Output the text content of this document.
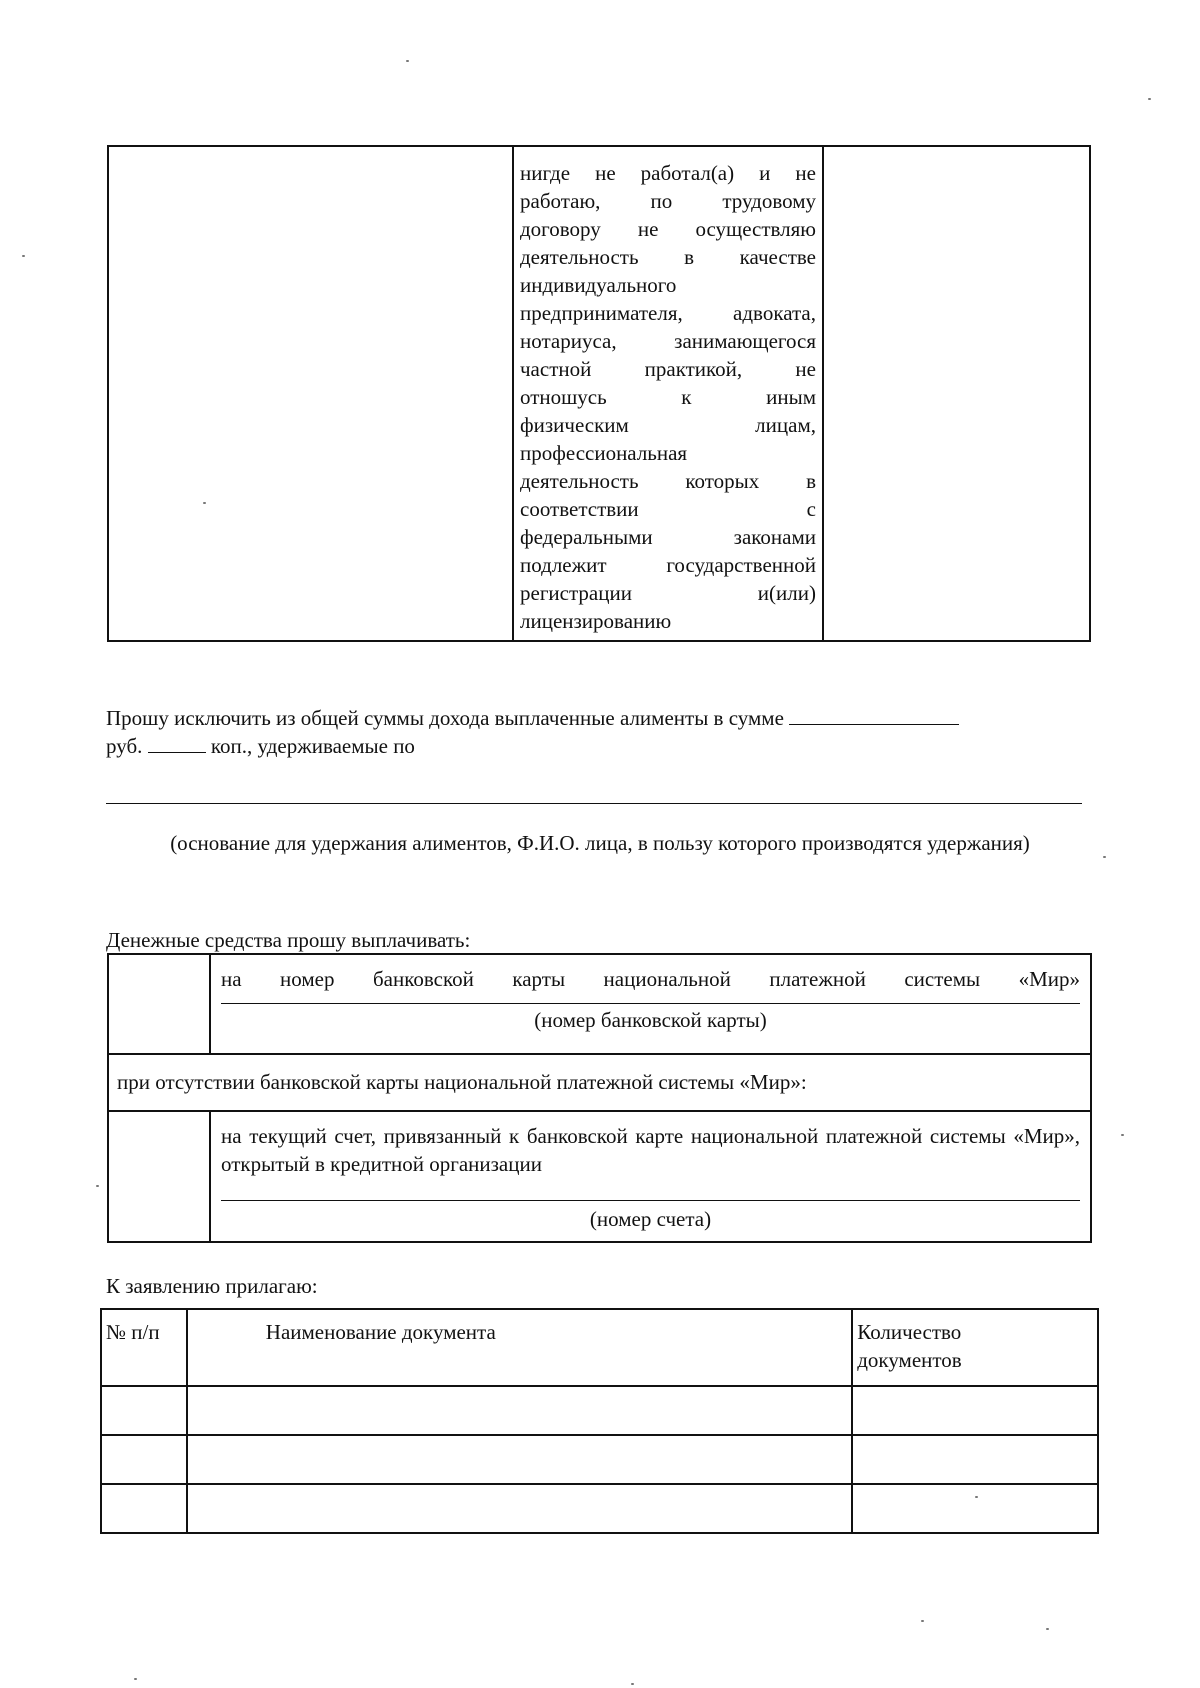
нигде не работал(а) и не
работаю, по трудовому
договору не осуществляю
деятельность в качестве
индивидуального
предпринимателя, адвоката,
нотариуса, занимающегося
частной практикой, не
отношусь к иным
физическим лицам,
профессиональная
деятельность которых в
соответствии с
федеральными законами
подлежит государственной
регистрации и(или)
лицензированию
Прошу исключить из общей суммы дохода выплаченные алименты в сумме
руб.	коп., удерживаемые по
(основание для удержания алиментов, Ф.И.О. лица, в пользу которого производятся удержания)
Денежные средства прошу выплачивать:
на номер банковской карты национальной платежной системы «Мир»
(номер банковской карты)
при отсутствии банковской карты национальной платежной системы «Мир»:
на текущий счет, привязанный к банковской карте национальной платежной системы «Мир», открытый в кредитной организации
(номер счета)
К заявлению прилагаю:
№ п/п	Наименование документа	Количество документов
